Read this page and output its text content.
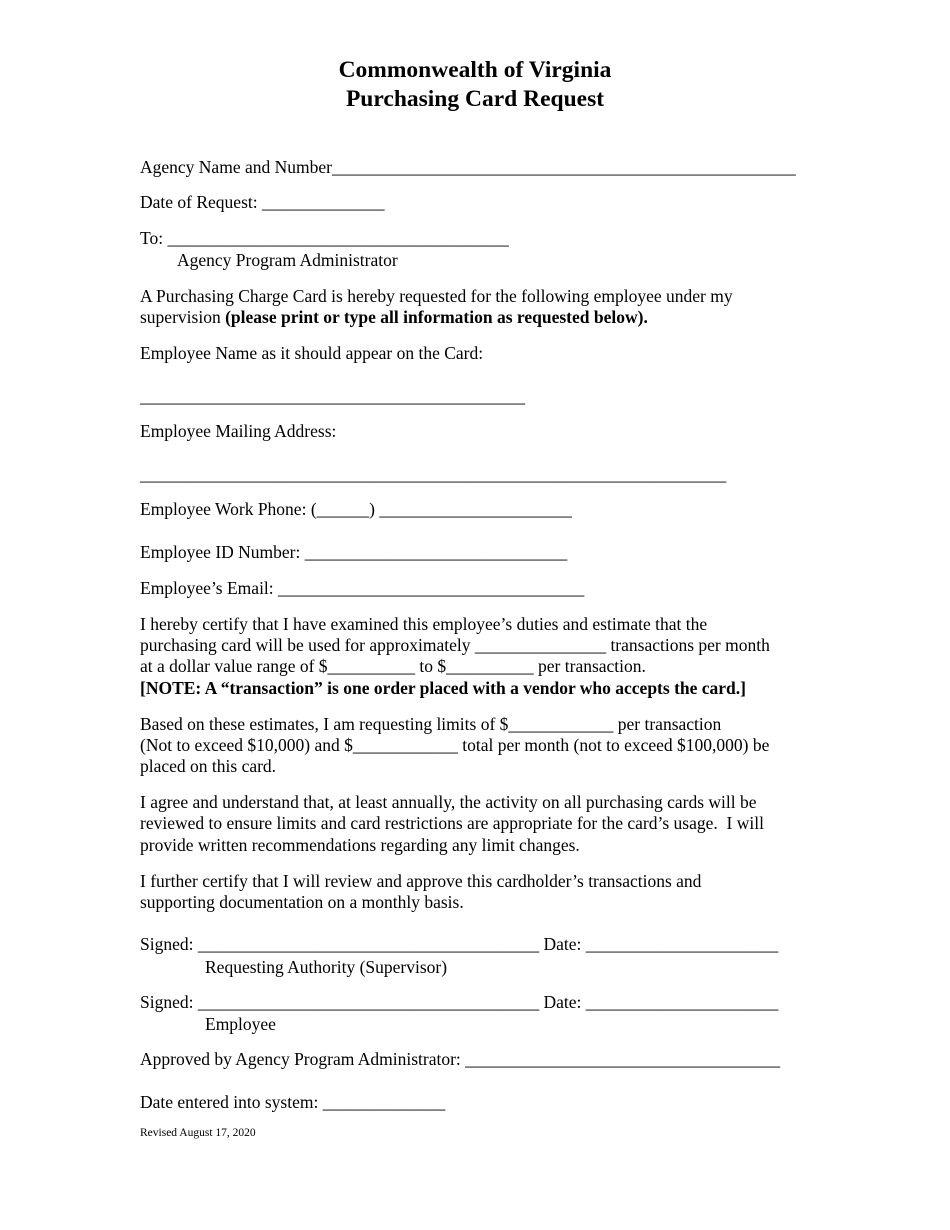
Commonwealth of Virginia
Purchasing Card Request
Agency Name and Number_____________________________________________________
Date of Request: ______________
To: _______________________________________
Agency Program Administrator
A Purchasing Charge Card is hereby requested for the following employee under my
supervision (please print or type all information as requested below).
Employee Name as it should appear on the Card:
____________________________________________
Employee Mailing Address:
___________________________________________________________________
Employee Work Phone: (______) ______________________
Employee ID Number: ______________________________
Employee’s Email: ___________________________________
I hereby certify that I have examined this employee’s duties and estimate that the
purchasing card will be used for approximately _______________ transactions per month
at a dollar value range of $__________ to $__________ per transaction.
[NOTE: A “transaction” is one order placed with a vendor who accepts the card.]
Based on these estimates, I am requesting limits of $____________ per transaction
(Not to exceed $10,000) and $____________ total per month (not to exceed $100,000) be
placed on this card.
I agree and understand that, at least annually, the activity on all purchasing cards will be
reviewed to ensure limits and card restrictions are appropriate for the card’s usage.  I will
provide written recommendations regarding any limit changes.
I further certify that I will review and approve this cardholder’s transactions and
supporting documentation on a monthly basis.
Signed: _______________________________________ Date: ______________________
Requesting Authority (Supervisor)
Signed: _______________________________________ Date: ______________________
Employee
Approved by Agency Program Administrator: ____________________________________
Date entered into system: ______________
Revised August 17, 2020
